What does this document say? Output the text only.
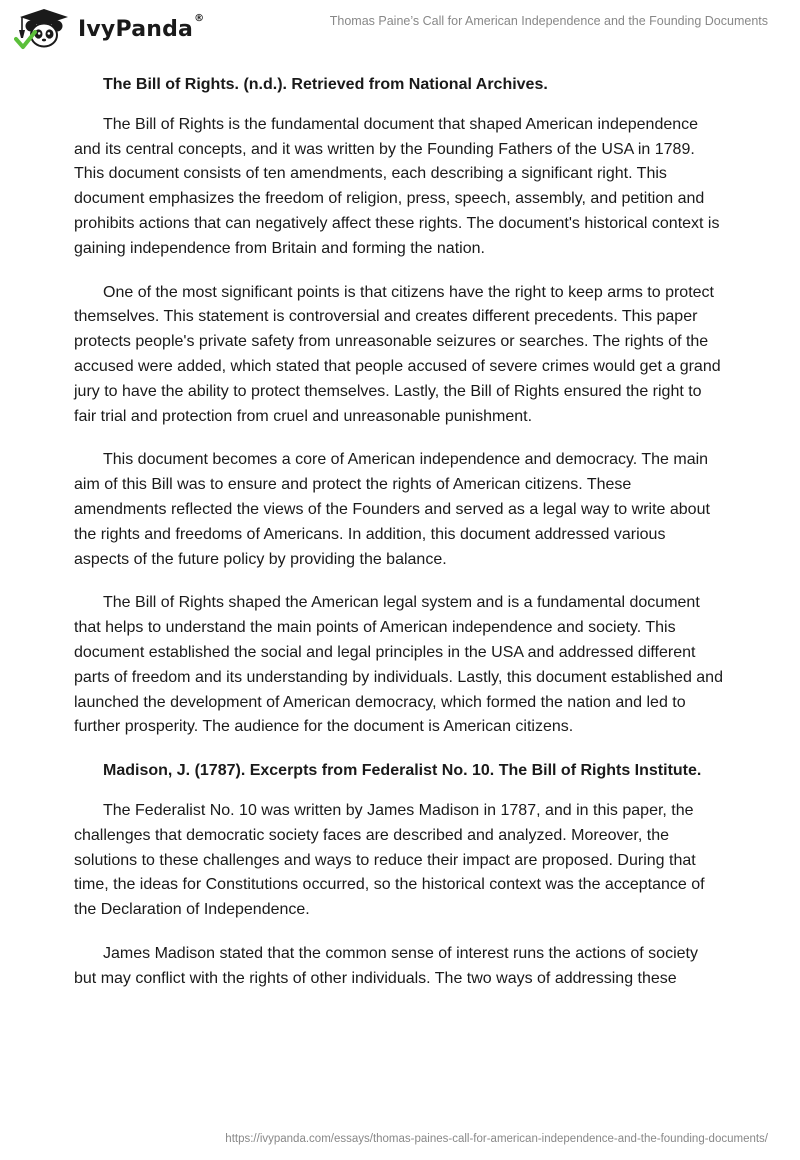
IvyPanda®	Thomas Paine’s Call for American Independence and the Founding Documents

The Bill of Rights. (n.d.). Retrieved from National Archives.

The Bill of Rights is the fundamental document that shaped American independence and its central concepts, and it was written by the Founding Fathers of the USA in 1789. This document consists of ten amendments, each describing a significant right. This document emphasizes the freedom of religion, press, speech, assembly, and petition and prohibits actions that can negatively affect these rights. The document's historical context is gaining independence from Britain and forming the nation.

One of the most significant points is that citizens have the right to keep arms to protect themselves. This statement is controversial and creates different precedents. This paper protects people's private safety from unreasonable seizures or searches. The rights of the accused were added, which stated that people accused of severe crimes would get a grand jury to have the ability to protect themselves. Lastly, the Bill of Rights ensured the right to fair trial and protection from cruel and unreasonable punishment.

This document becomes a core of American independence and democracy. The main aim of this Bill was to ensure and protect the rights of American citizens. These amendments reflected the views of the Founders and served as a legal way to write about the rights and freedoms of Americans. In addition, this document addressed various aspects of the future policy by providing the balance.

The Bill of Rights shaped the American legal system and is a fundamental document that helps to understand the main points of American independence and society. This document established the social and legal principles in the USA and addressed different parts of freedom and its understanding by individuals. Lastly, this document established and launched the development of American democracy, which formed the nation and led to further prosperity. The audience for the document is American citizens.

Madison, J. (1787). Excerpts from Federalist No. 10. The Bill of Rights Institute.

The Federalist No. 10 was written by James Madison in 1787, and in this paper, the challenges that democratic society faces are described and analyzed. Moreover, the solutions to these challenges and ways to reduce their impact are proposed. During that time, the ideas for Constitutions occurred, so the historical context was the acceptance of the Declaration of Independence.

James Madison stated that the common sense of interest runs the actions of society but may conflict with the rights of other individuals. The two ways of addressing these

https://ivypanda.com/essays/thomas-paines-call-for-american-independence-and-the-founding-documents/
